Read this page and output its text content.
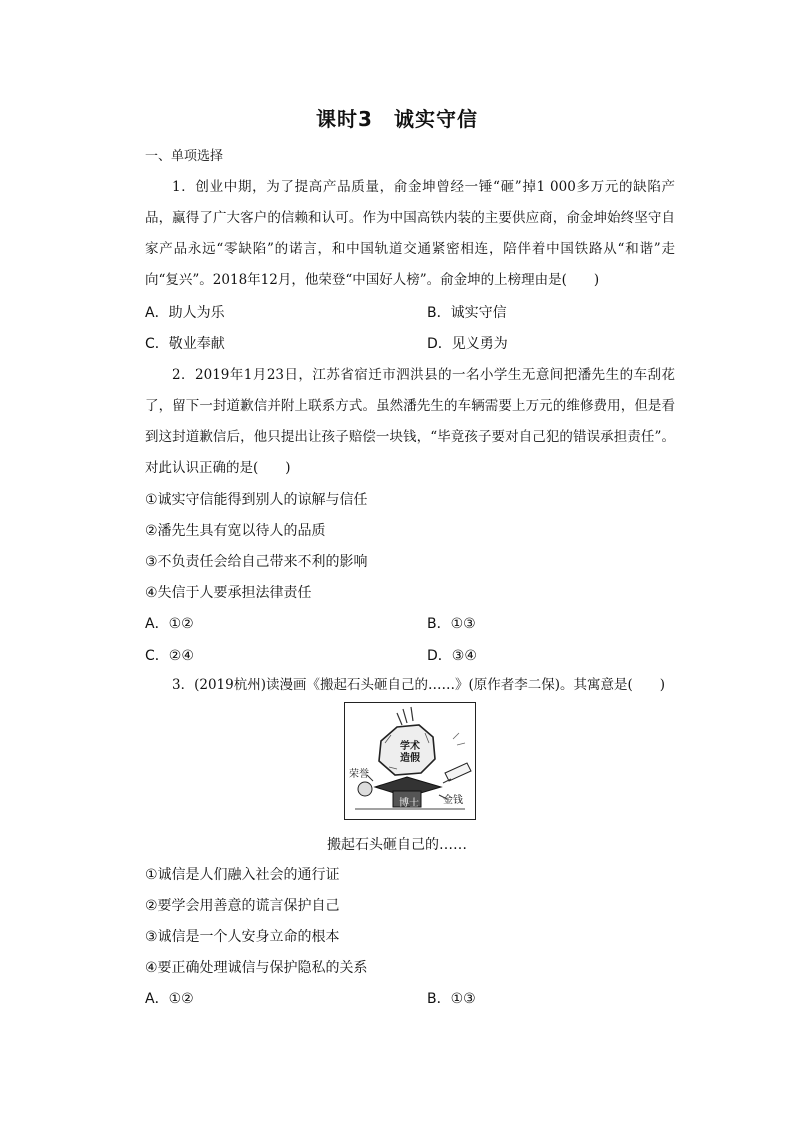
课时3　诚实守信
一、单项选择
1．创业中期，为了提高产品质量，俞金坤曾经一锤“砸”掉1 000多万元的缺陷产品，赢得了广大客户的信赖和认可。作为中国高铁内装的主要供应商，俞金坤始终坚守自家产品永远“零缺陷”的诺言，和中国轨道交通紧密相连，陪伴着中国铁路从“和谐”走向“复兴”。2018年12月，他荣登“中国好人榜”。俞金坤的上榜理由是(　　)
A．助人为乐	B．诚实守信
C．敬业奉献	D．见义勇为
2．2019年1月23日，江苏省宿迁市泗洪县的一名小学生无意间把潘先生的车刮花了，留下一封道歉信并附上联系方式。虽然潘先生的车辆需要上万元的维修费用，但是看到这封道歉信后，他只提出让孩子赔偿一块钱，“毕竟孩子要对自己犯的错误承担责任”。对此认识正确的是(　　)
①诚实守信能得到别人的谅解与信任
②潘先生具有宽以待人的品质
③不负责任会给自己带来不利的影响
④失信于人要承担法律责任
A．①②	B．①③
C．②④	D．③④
3．(2019杭州)读漫画《搬起石头砸自己的……》(原作者李二保)。其寓意是(　　)
学术
造假
荣誉
博士 金钱
搬起石头砸自己的……
①诚信是人们融入社会的通行证
②要学会用善意的谎言保护自己
③诚信是一个人安身立命的根本
④要正确处理诚信与保护隐私的关系
A．①②	B．①③
